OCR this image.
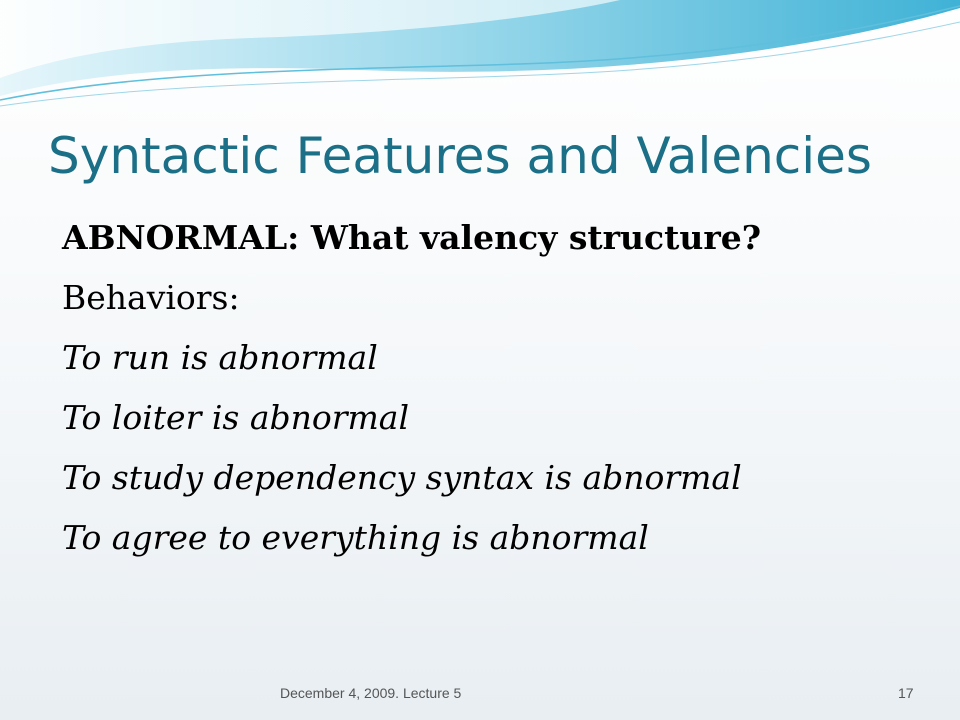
Syntactic Features and Valencies
ABNORMAL: What valency structure?
Behaviors:
To run is abnormal
To loiter is abnormal
To study dependency syntax is abnormal
To agree to everything is abnormal
December 4, 2009. Lecture 5	17
